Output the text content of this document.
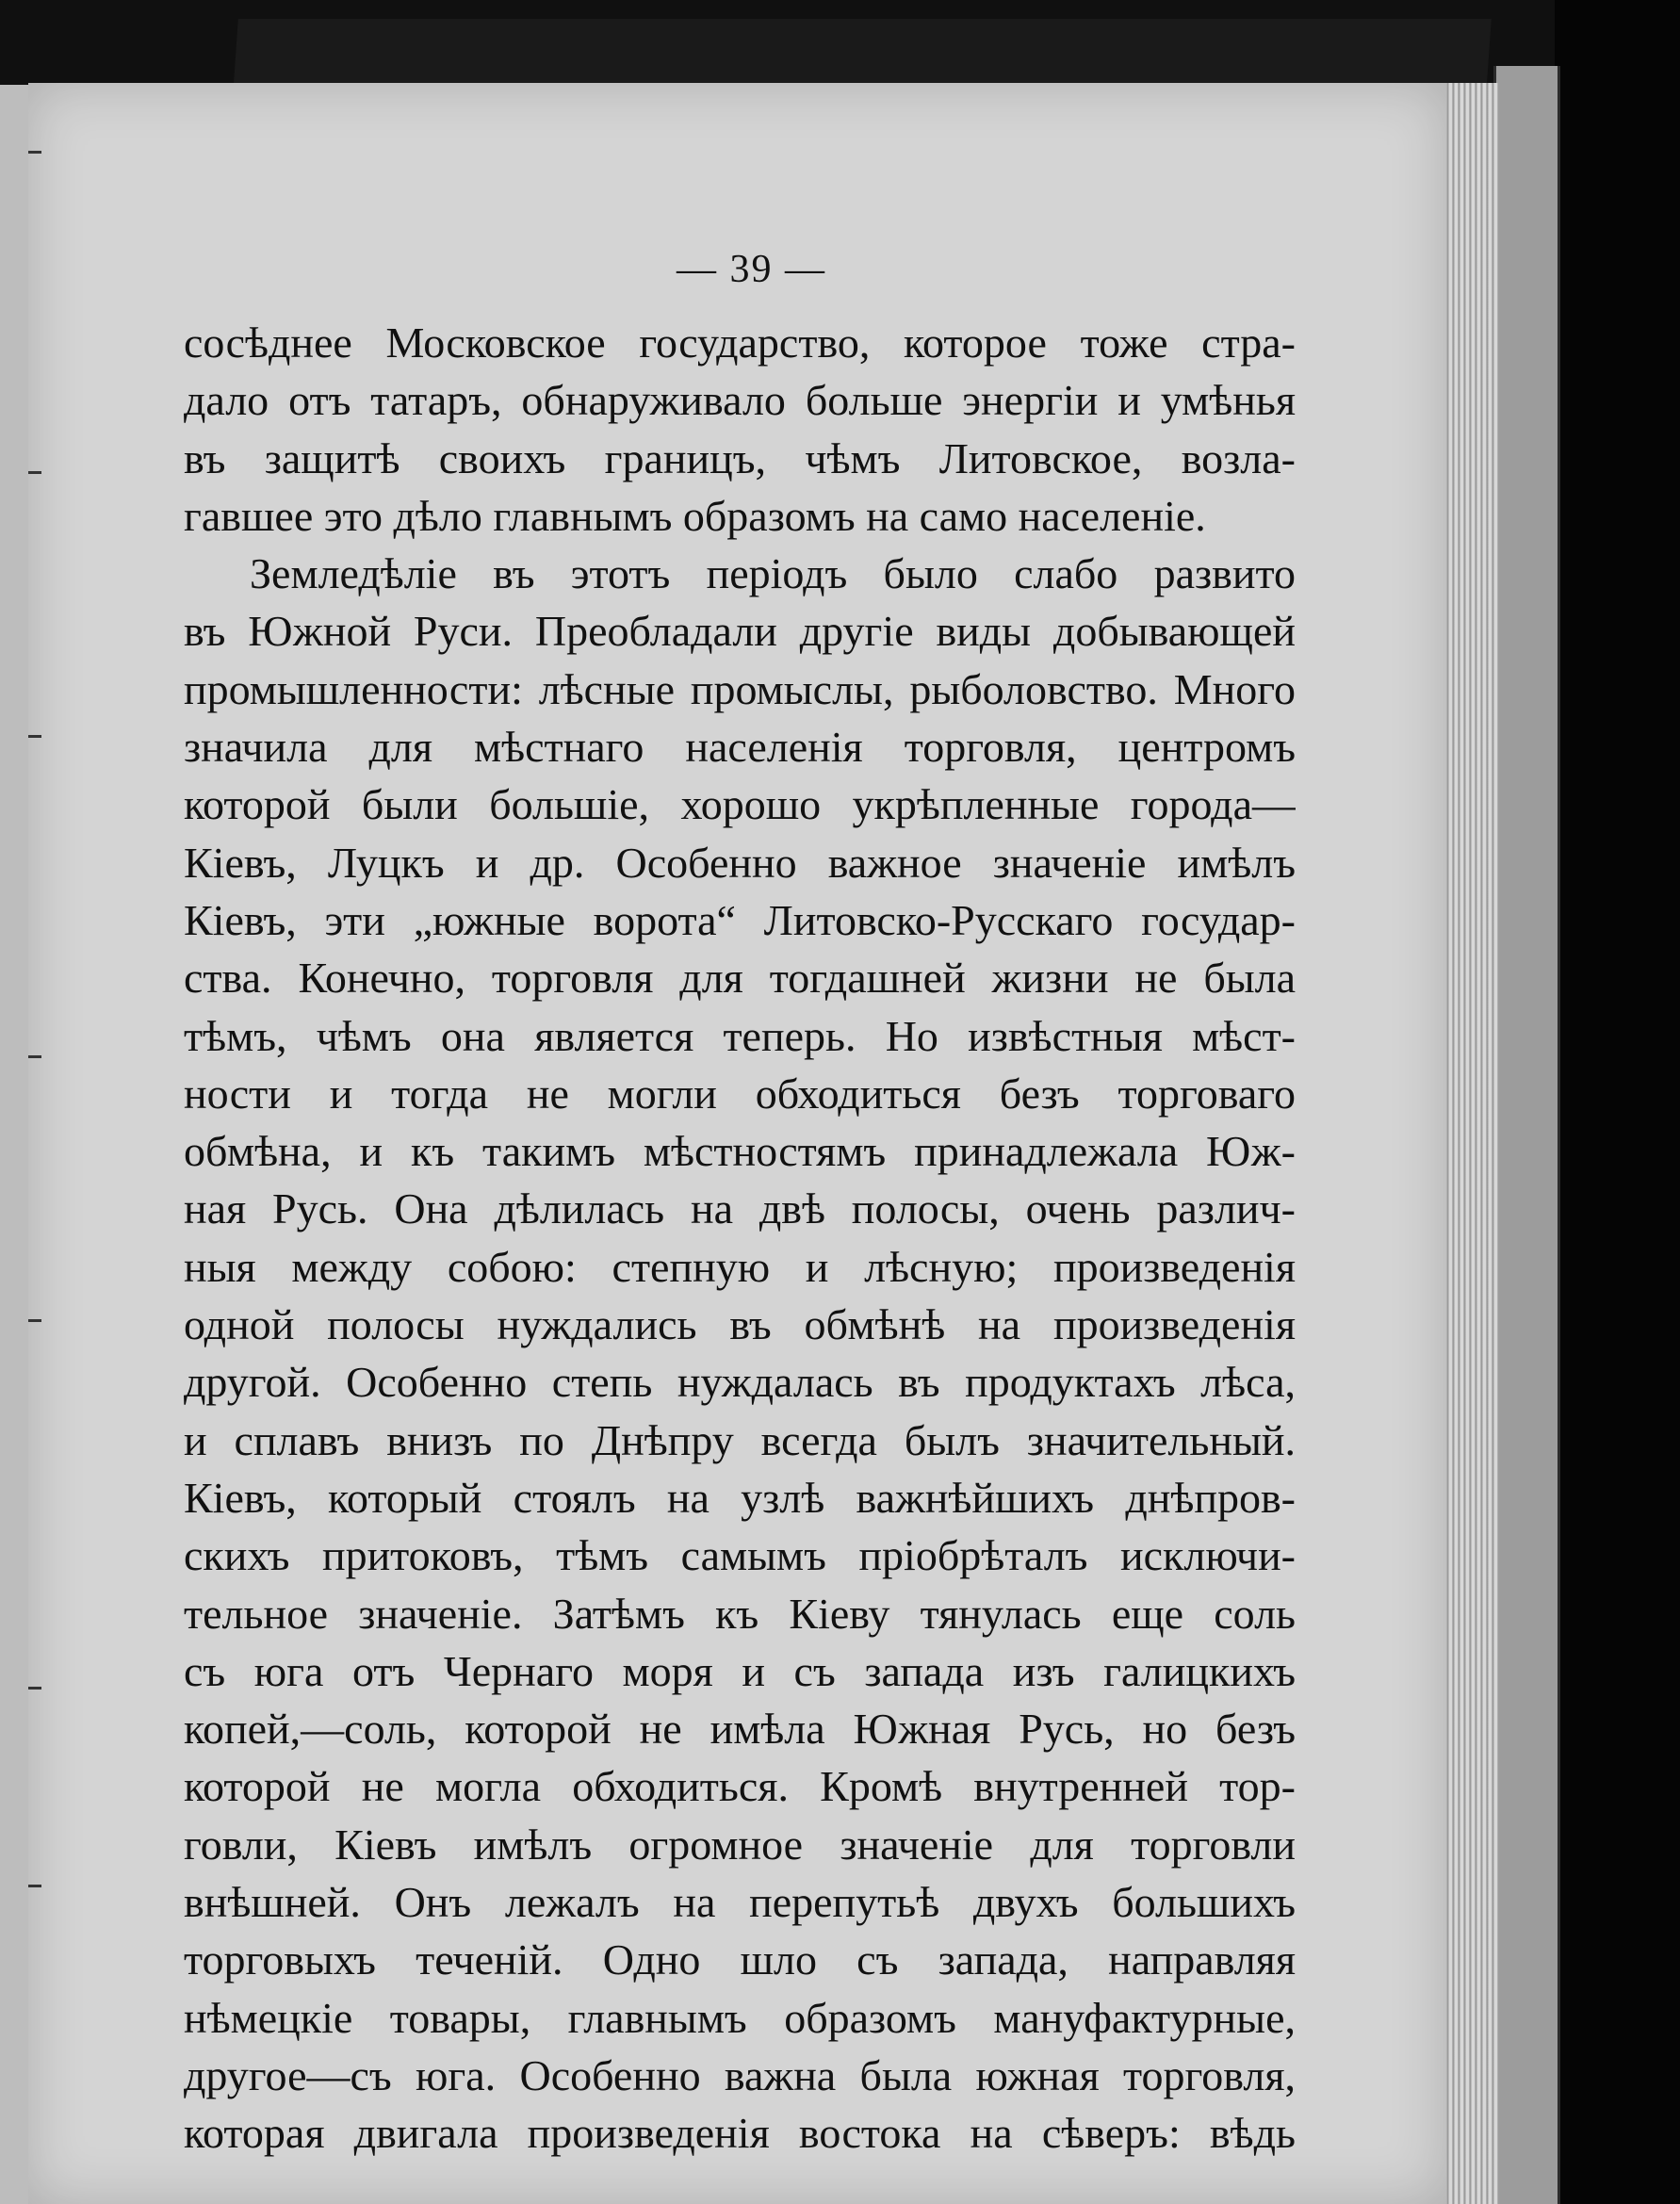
— 39 —
сосѣднее Московское государство, которое тоже стра-
дало отъ татаръ, обнаруживало больше энергіи и умѣнья
въ защитѣ своихъ границъ, чѣмъ Литовское, возла-
гавшее это дѣло главнымъ образомъ на само населеніе.
Земледѣліе въ этотъ періодъ было слабо развито
въ Южной Руси. Преобладали другіе виды добывающей
промышленности: лѣсные промыслы, рыболовство. Много
значила для мѣстнаго населенія торговля, центромъ
которой были большіе, хорошо укрѣпленные города—
Кіевъ, Луцкъ и др. Особенно важное значеніе имѣлъ
Кіевъ, эти „южные ворота“ Литовско-Русскаго государ-
ства. Конечно, торговля для тогдашней жизни не была
тѣмъ, чѣмъ она является теперь. Но извѣстныя мѣст-
ности и тогда не могли обходиться безъ торговаго
обмѣна, и къ такимъ мѣстностямъ принадлежала Юж-
ная Русь. Она дѣлилась на двѣ полосы, очень различ-
ныя между собою: степную и лѣсную; произведенія
одной полосы нуждались въ обмѣнѣ на произведенія
другой. Особенно степь нуждалась въ продуктахъ лѣса,
и сплавъ внизъ по Днѣпру всегда былъ значительный.
Кіевъ, который стоялъ на узлѣ важнѣйшихъ днѣпров-
скихъ притоковъ, тѣмъ самымъ пріобрѣталъ исключи-
тельное значеніе. Затѣмъ къ Кіеву тянулась еще соль
съ юга отъ Чернаго моря и съ запада изъ галицкихъ
копей,—соль, которой не имѣла Южная Русь, но безъ
которой не могла обходиться. Кромѣ внутренней тор-
говли, Кіевъ имѣлъ огромное значеніе для торговли
внѣшней. Онъ лежалъ на перепутьѣ двухъ большихъ
торговыхъ теченій. Одно шло съ запада, направляя
нѣмецкіе товары, главнымъ образомъ мануфактурные,
другое—съ юга. Особенно важна была южная торговля,
которая двигала произведенія востока на сѣверъ: вѣдь
